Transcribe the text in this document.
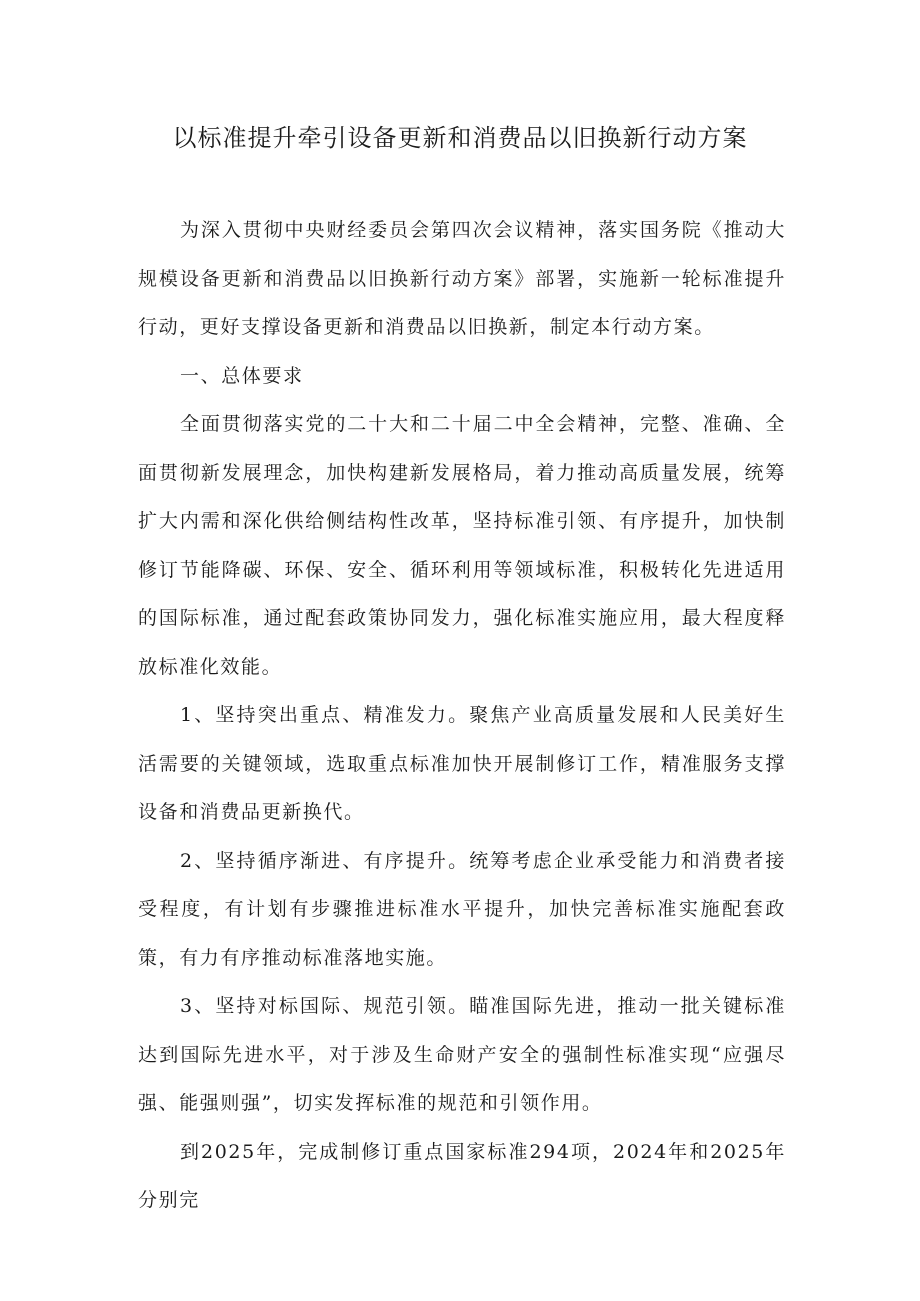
以标准提升牵引设备更新和消费品以旧换新行动方案

为深入贯彻中央财经委员会第四次会议精神，落实国务院《推动大规模设备更新和消费品以旧换新行动方案》部署，实施新一轮标准提升行动，更好支撑设备更新和消费品以旧换新，制定本行动方案。

一、总体要求

全面贯彻落实党的二十大和二十届二中全会精神，完整、准确、全面贯彻新发展理念，加快构建新发展格局，着力推动高质量发展，统筹扩大内需和深化供给侧结构性改革，坚持标准引领、有序提升，加快制修订节能降碳、环保、安全、循环利用等领域标准，积极转化先进适用的国际标准，通过配套政策协同发力，强化标准实施应用，最大程度释放标准化效能。

1、坚持突出重点、精准发力。聚焦产业高质量发展和人民美好生活需要的关键领域，选取重点标准加快开展制修订工作，精准服务支撑设备和消费品更新换代。

2、坚持循序渐进、有序提升。统筹考虑企业承受能力和消费者接受程度，有计划有步骤推进标准水平提升，加快完善标准实施配套政策，有力有序推动标准落地实施。

3、坚持对标国际、规范引领。瞄准国际先进，推动一批关键标准达到国际先进水平，对于涉及生命财产安全的强制性标准实现“应强尽强、能强则强”，切实发挥标准的规范和引领作用。

到2025年，完成制修订重点国家标准294项，2024年和2025年分别完
